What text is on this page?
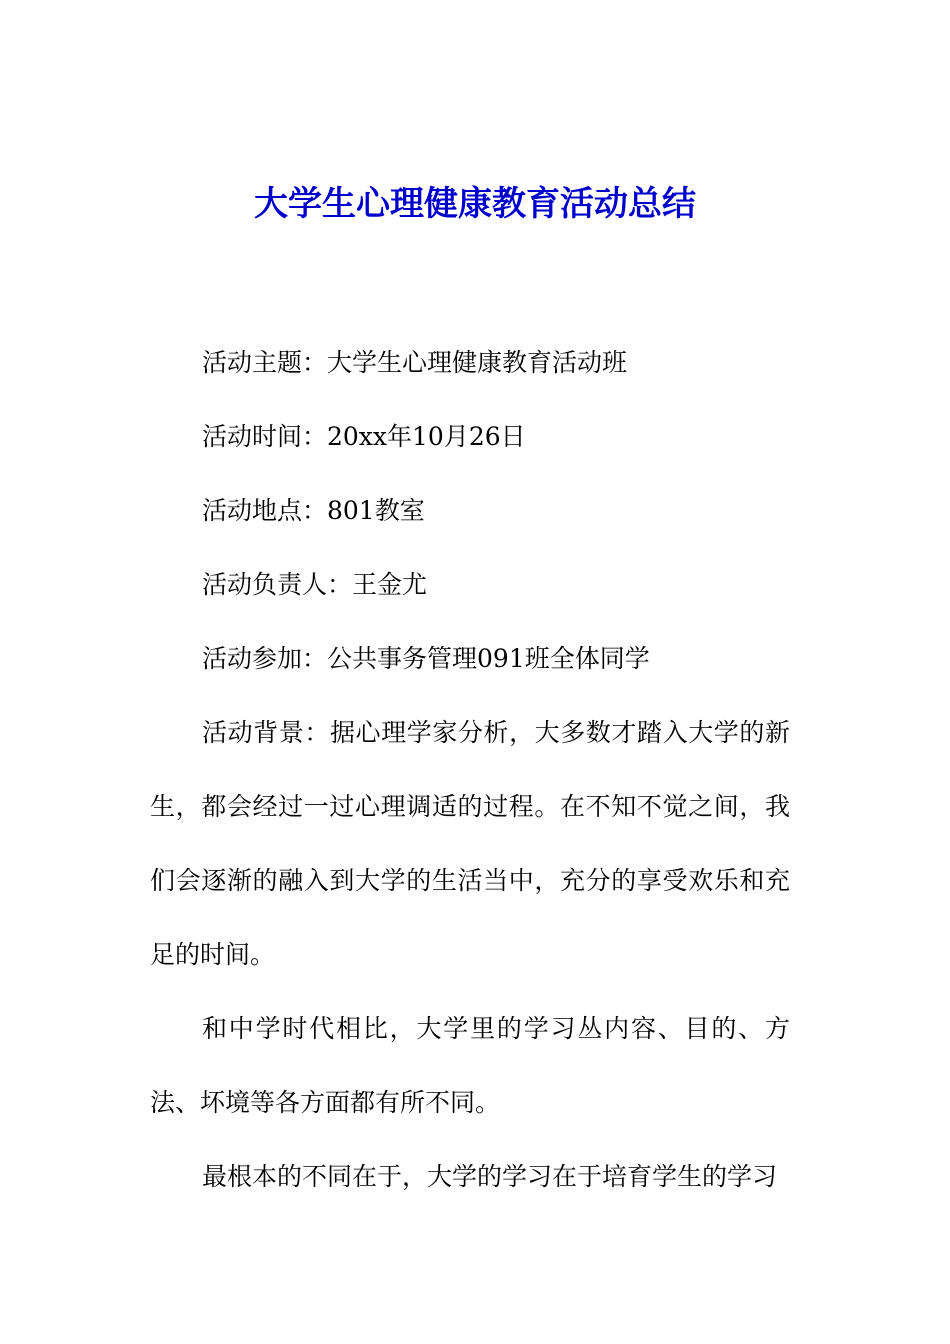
大学生心理健康教育活动总结

活动主题：大学生心理健康教育活动班

活动时间：20xx年10月26日

活动地点：801教室

活动负责人：王金尤

活动参加：公共事务管理091班全体同学

活动背景：据心理学家分析，大多数才踏入大学的新生，都会经过一过心理调适的过程。在不知不觉之间，我们会逐渐的融入到大学的生活当中，充分的享受欢乐和充足的时间。

和中学时代相比，大学里的学习丛内容、目的、方法、坏境等各方面都有所不同。

最根本的不同在于，大学的学习在于培育学生的学习
